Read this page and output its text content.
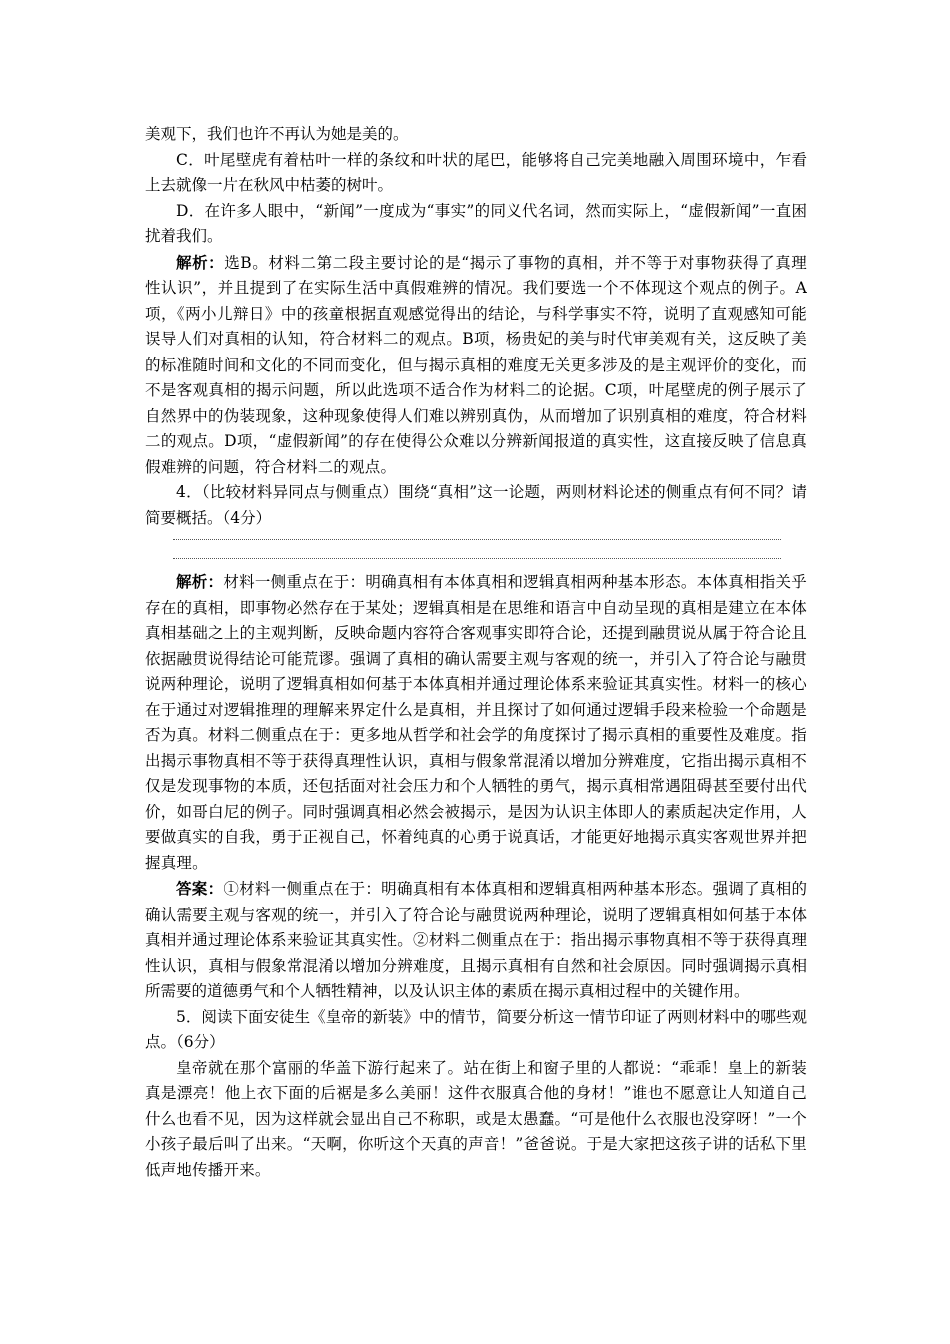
美观下，我们也许不再认为她是美的。

C．叶尾壁虎有着枯叶一样的条纹和叶状的尾巴，能够将自己完美地融入周围环境中，乍看上去就像一片在秋风中枯萎的树叶。

D．在许多人眼中，“新闻”一度成为“事实”的同义代名词，然而实际上，“虚假新闻”一直困扰着我们。

解析：选B。材料二第二段主要讨论的是“揭示了事物的真相，并不等于对事物获得了真理性认识”，并且提到了在实际生活中真假难辨的情况。我们要选一个不体现这个观点的例子。A项，《两小儿辩日》中的孩童根据直观感觉得出的结论，与科学事实不符，说明了直观感知可能误导人们对真相的认知，符合材料二的观点。B项，杨贵妃的美与时代审美观有关，这反映了美的标准随时间和文化的不同而变化，但与揭示真相的难度无关更多涉及的是主观评价的变化，而不是客观真相的揭示问题，所以此选项不适合作为材料二的论据。C项，叶尾壁虎的例子展示了自然界中的伪装现象，这种现象使得人们难以辨别真伪，从而增加了识别真相的难度，符合材料二的观点。D项，“虚假新闻”的存在使得公众难以分辨新闻报道的真实性，这直接反映了信息真假难辨的问题，符合材料二的观点。

4．（比较材料异同点与侧重点）围绕“真相”这一论题，两则材料论述的侧重点有何不同？请简要概括。（4分）

解析：材料一侧重点在于：明确真相有本体真相和逻辑真相两种基本形态。本体真相指关乎存在的真相，即事物必然存在于某处；逻辑真相是在思维和语言中自动呈现的真相是建立在本体真相基础之上的主观判断，反映命题内容符合客观事实即符合论，还提到融贯说从属于符合论且依据融贯说得结论可能荒谬。强调了真相的确认需要主观与客观的统一，并引入了符合论与融贯说两种理论，说明了逻辑真相如何基于本体真相并通过理论体系来验证其真实性。材料一的核心在于通过对逻辑推理的理解来界定什么是真相，并且探讨了如何通过逻辑手段来检验一个命题是否为真。材料二侧重点在于：更多地从哲学和社会学的角度探讨了揭示真相的重要性及难度。指出揭示事物真相不等于获得真理性认识，真相与假象常混淆以增加分辨难度，它指出揭示真相不仅是发现事物的本质，还包括面对社会压力和个人牺牲的勇气，揭示真相常遇阻碍甚至要付出代价，如哥白尼的例子。同时强调真相必然会被揭示，是因为认识主体即人的素质起决定作用，人要做真实的自我，勇于正视自己，怀着纯真的心勇于说真话，才能更好地揭示真实客观世界并把握真理。

答案：①材料一侧重点在于：明确真相有本体真相和逻辑真相两种基本形态。强调了真相的确认需要主观与客观的统一，并引入了符合论与融贯说两种理论，说明了逻辑真相如何基于本体真相并通过理论体系来验证其真实性。②材料二侧重点在于：指出揭示事物真相不等于获得真理性认识，真相与假象常混淆以增加分辨难度，且揭示真相有自然和社会原因。同时强调揭示真相所需要的道德勇气和个人牺牲精神，以及认识主体的素质在揭示真相过程中的关键作用。

5．阅读下面安徒生《皇帝的新装》中的情节，简要分析这一情节印证了两则材料中的哪些观点。（6分）

皇帝就在那个富丽的华盖下游行起来了。站在街上和窗子里的人都说：“乖乖！皇上的新装真是漂亮！他上衣下面的后裾是多么美丽！这件衣服真合他的身材！”谁也不愿意让人知道自己什么也看不见，因为这样就会显出自己不称职，或是太愚蠢。“可是他什么衣服也没穿呀！”一个小孩子最后叫了出来。“天啊，你听这个天真的声音！”爸爸说。于是大家把这孩子讲的话私下里低声地传播开来。
